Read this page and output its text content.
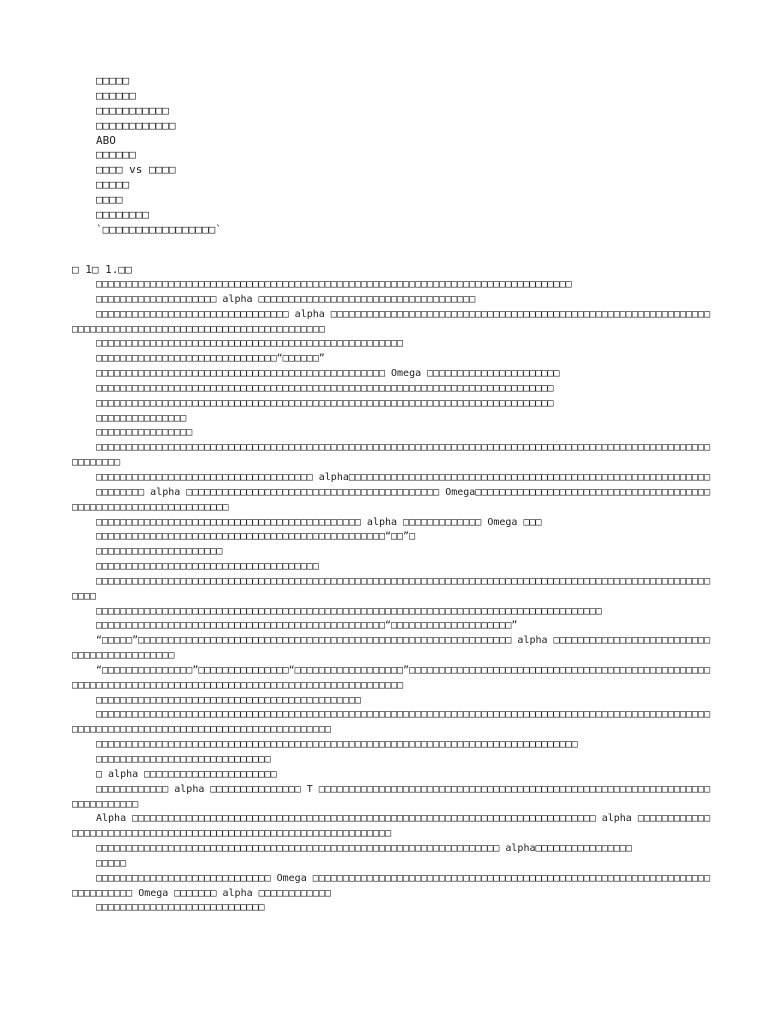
□□□□□
□□□□□□
□□□□□□□□□□□
□□□□□□□□□□□□
ABO
□□□□□□
□□□□ vs □□□□
□□□□□
□□□□
□□□□□□□□
`□□□□□□□□□□□□□□□□□`
□ 1□ 1.□□
□□□□□□□□□□□□□□□□□□□□□□□□□□□□□□□□□□□□□□□□□□□□□□□□□□□□□□□□□□□□□□□□□□□□□□□□□□□□□□□
□□□□□□□□□□□□□□□□□□□□ alpha □□□□□□□□□□□□□□□□□□□□□□□□□□□□□□□□□□□□
□□□□□□□□□□□□□□□□□□□□□□□□□□□□□□□□ alpha □□□□□□□□□□□□□□□□□□□□□□□□□□□□□□□□□□□□□□□□□□□□□□□□□□□□□□□□□□□□□□□□□□□□□□□□□□□□□□□□□□□□□□□□□□□□□□□□□□□□□□□□□
□□□□□□□□□□□□□□□□□□□□□□□□□□□□□□□□□□□□□□□□□□□□□□□□□□□
□□□□□□□□□□□□□□□□□□□□□□□□□□□□□□“□□□□□□”
□□□□□□□□□□□□□□□□□□□□□□□□□□□□□□□□□□□□□□□□□□□□□□□□ Omega □□□□□□□□□□□□□□□□□□□□□□
□□□□□□□□□□□□□□□□□□□□□□□□□□□□□□□□□□□□□□□□□□□□□□□□□□□□□□□□□□□□□□□□□□□□□□□□□□□□
□□□□□□□□□□□□□□□□□□□□□□□□□□□□□□□□□□□□□□□□□□□□□□□□□□□□□□□□□□□□□□□□□□□□□□□□□□□□
□□□□□□□□□□□□□□□
□□□□□□□□□□□□□□□□
□□□□□□□□□□□□□□□□□□□□□□□□□□□□□□□□□□□□□□□□□□□□□□□□□□□□□□□□□□□□□□□□□□□□□□□□□□□□□□□□□□□□□□□□□□□□□□□□□□□□□□□□□□□□□□
□□□□□□□□□□□□□□□□□□□□□□□□□□□□□□□□□□□□ alpha□□□□□□□□□□□□□□□□□□□□□□□□□□□□□□□□□□□□□□□□□□□□□□□□□□□□□□□□□□□□
□□□□□□□□ alpha □□□□□□□□□□□□□□□□□□□□□□□□□□□□□□□□□□□□□□□□□□ Omega□□□□□□□□□□□□□□□□□□□□□□□□□□□□□□□□□□□□□□□□□□□□□□□□□□□□□□□□□□□□□□□□□
□□□□□□□□□□□□□□□□□□□□□□□□□□□□□□□□□□□□□□□□□□□□ alpha □□□□□□□□□□□□□ Omega □□□
□□□□□□□□□□□□□□□□□□□□□□□□□□□□□□□□□□□□□□□□□□□□□□□□“□□”□
□□□□□□□□□□□□□□□□□□□□□
□□□□□□□□□□□□□□□□□□□□□□□□□□□□□□□□□□□□□
□□□□□□□□□□□□□□□□□□□□□□□□□□□□□□□□□□□□□□□□□□□□□□□□□□□□□□□□□□□□□□□□□□□□□□□□□□□□□□□□□□□□□□□□□□□□□□□□□□□□□□□□□□
□□□□□□□□□□□□□□□□□□□□□□□□□□□□□□□□□□□□□□□□□□□□□□□□□□□□□□□□□□□□□□□□□□□□□□□□□□□□□□□□□□□□
□□□□□□□□□□□□□□□□□□□□□□□□□□□□□□□□□□□□□□□□□□□□□□□□“□□□□□□□□□□□□□□□□□□□□”
“□□□□□”□□□□□□□□□□□□□□□□□□□□□□□□□□□□□□□□□□□□□□□□□□□□□□□□□□□□□□□□□□□□□□ alpha □□□□□□□□□□□□□□□□□□□□□□□□□□□□□□□□□□□□□□□□□□□
“□□□□□□□□□□□□□□□”□□□□□□□□□□□□□□□“□□□□□□□□□□□□□□□□□□”□□□□□□□□□□□□□□□□□□□□□□□□□□□□□□□□□□□□□□□□□□□□□□□□□□□□□□□□□□□□□□□□□□□□□□□□□□□□□□□□□□□□□□□□□□□□□□□□□□□□□□□□□
□□□□□□□□□□□□□□□□□□□□□□□□□□□□□□□□□□□□□□□□□□□□
□□□□□□□□□□□□□□□□□□□□□□□□□□□□□□□□□□□□□□□□□□□□□□□□□□□□□□□□□□□□□□□□□□□□□□□□□□□□□□□□□□□□□□□□□□□□□□□□□□□□□□□□□□□□□□□□□□□□□□□□□□□□□□□□□□□□□□□□□□□□□□□□□
□□□□□□□□□□□□□□□□□□□□□□□□□□□□□□□□□□□□□□□□□□□□□□□□□□□□□□□□□□□□□□□□□□□□□□□□□□□□□□□□
□□□□□□□□□□□□□□□□□□□□□□□□□□□□□
□ alpha □□□□□□□□□□□□□□□□□□□□□□
□□□□□□□□□□□□ alpha □□□□□□□□□□□□□□□ T □□□□□□□□□□□□□□□□□□□□□□□□□□□□□□□□□□□□□□□□□□□□□□□□□□□□□□□□□□□□□□□□□□□□□□□□□□□□
Alpha □□□□□□□□□□□□□□□□□□□□□□□□□□□□□□□□□□□□□□□□□□□□□□□□□□□□□□□□□□□□□□□□□□□□□□□□□□□□□ alpha □□□□□□□□□□□□□□□□□□□□□□□□□□□□□□□□□□□□□□□□□□□□□□□□□□□□□□□□□□□□□□□□□
□□□□□□□□□□□□□□□□□□□□□□□□□□□□□□□□□□□□□□□□□□□□□□□□□□□□□□□□□□□□□□□□□□□ alpha□□□□□□□□□□□□□□□□
□□□□□
□□□□□□□□□□□□□□□□□□□□□□□□□□□□□ Omega □□□□□□□□□□□□□□□□□□□□□□□□□□□□□□□□□□□□□□□□□□□□□□□□□□□□□□□□□□□□□□□□□□□□□□□□□□□□ Omega □□□□□□□ alpha □□□□□□□□□□□□
□□□□□□□□□□□□□□□□□□□□□□□□□□□□
